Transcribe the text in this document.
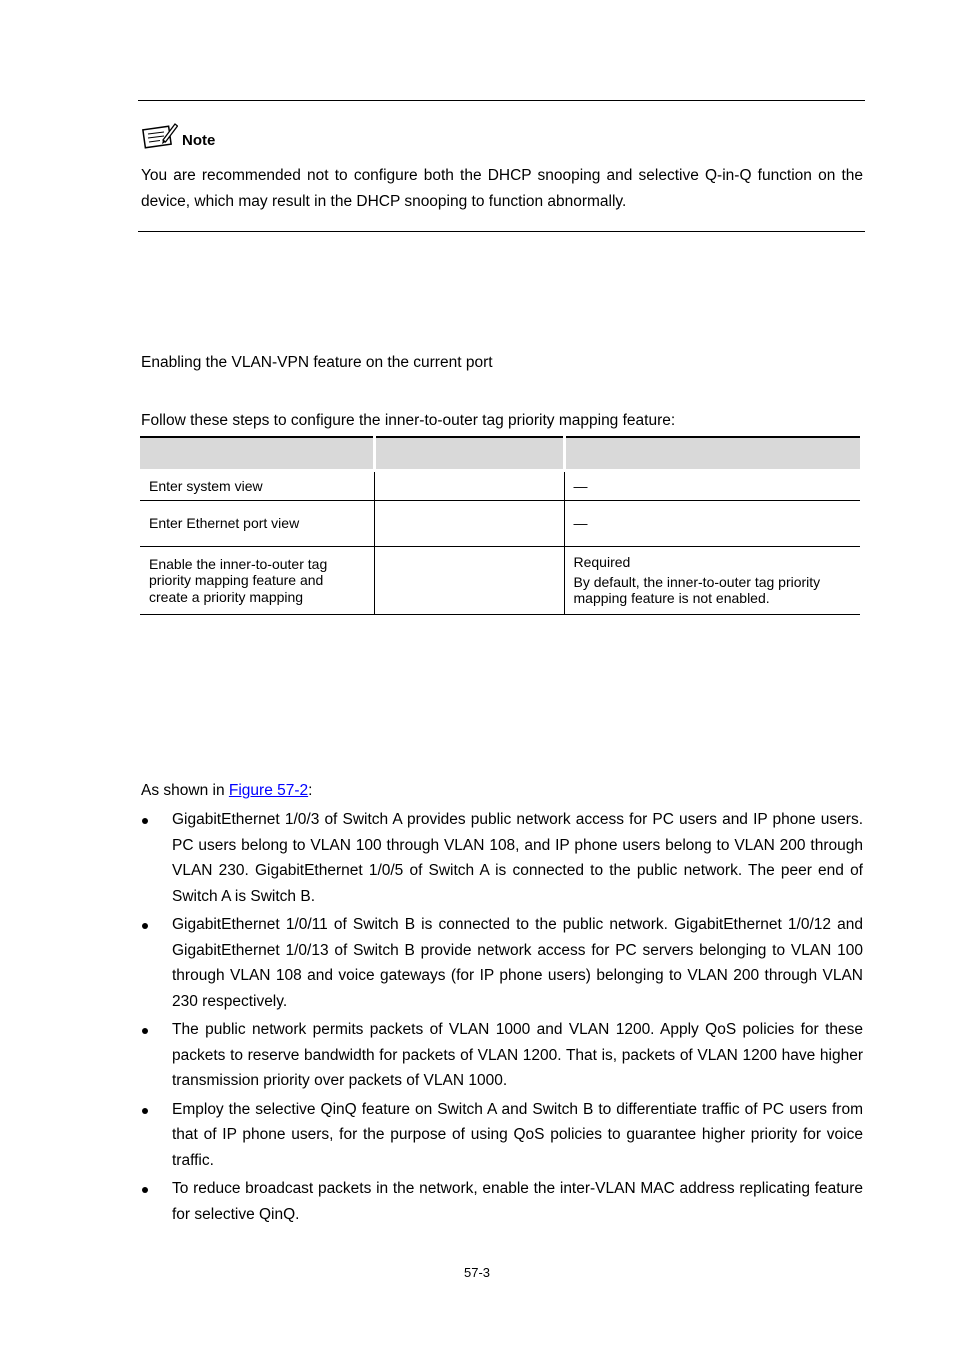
Note
You are recommended not to configure both the DHCP snooping and selective Q-in-Q function on the device, which may result in the DHCP snooping to function abnormally.
Enabling the VLAN-VPN feature on the current port
Follow these steps to configure the inner-to-outer tag priority mapping feature:

Enter system view		—
Enter Ethernet port view		—
Enable the inner-to-outer tag priority mapping feature and create a priority mapping		Required
By default, the inner-to-outer tag priority mapping feature is not enabled.
As shown in Figure 57-2:
GigabitEthernet 1/0/3 of Switch A provides public network access for PC users and IP phone users. PC users belong to VLAN 100 through VLAN 108, and IP phone users belong to VLAN 200 through VLAN 230. GigabitEthernet 1/0/5 of Switch A is connected to the public network. The peer end of Switch A is Switch B.
GigabitEthernet 1/0/11 of Switch B is connected to the public network. GigabitEthernet 1/0/12 and GigabitEthernet 1/0/13 of Switch B provide network access for PC servers belonging to VLAN 100 through VLAN 108 and voice gateways (for IP phone users) belonging to VLAN 200 through VLAN 230 respectively.
The public network permits packets of VLAN 1000 and VLAN 1200. Apply QoS policies for these packets to reserve bandwidth for packets of VLAN 1200. That is, packets of VLAN 1200 have higher transmission priority over packets of VLAN 1000.
Employ the selective QinQ feature on Switch A and Switch B to differentiate traffic of PC users from that of IP phone users, for the purpose of using QoS policies to guarantee higher priority for voice traffic.
To reduce broadcast packets in the network, enable the inter-VLAN MAC address replicating feature for selective QinQ.
57-3
